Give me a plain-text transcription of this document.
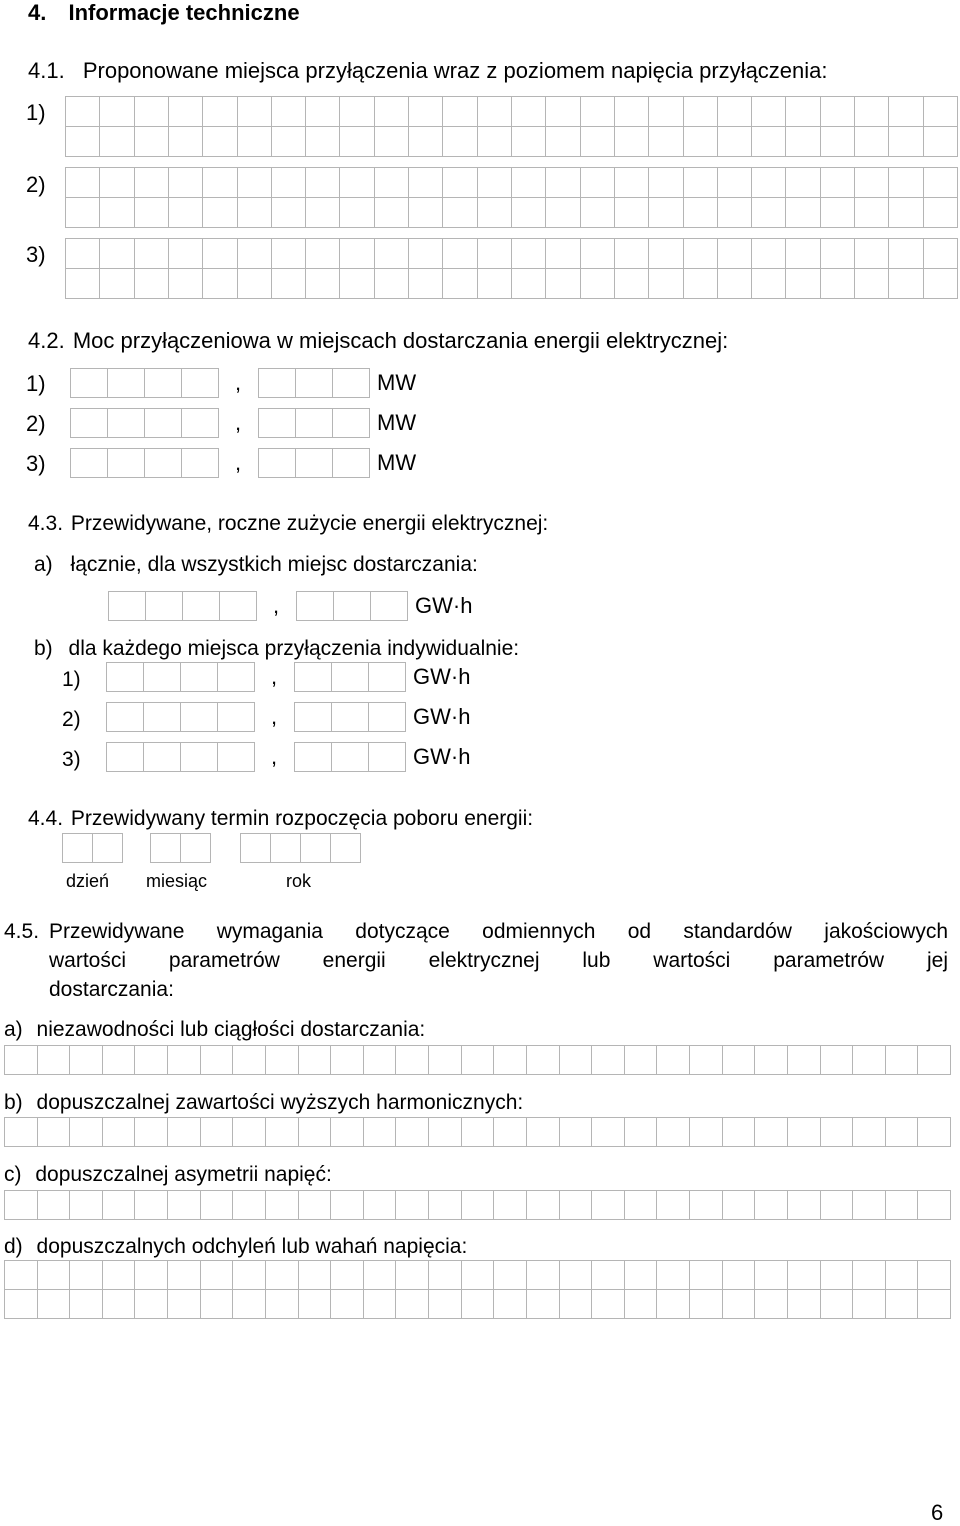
4. Informacje techniczne
4.1. Proponowane miejsca przyłączenia wraz z poziomem napięcia przyłączenia:
1)
2)
3)
4.2. Moc przyłączeniowa w miejscach dostarczania energii elektrycznej:
1)	,	MW
2)	,	MW
3)	,	MW
4.3. Przewidywane, roczne zużycie energii elektrycznej:
a) łącznie, dla wszystkich miejsc dostarczania:
,	GW·h
b) dla każdego miejsca przyłączenia indywidualnie:
1)	,	GW·h
2)	,	GW·h
3)	,	GW·h
4.4. Przewidywany termin rozpoczęcia poboru energii:
dzień miesiąc	rok
4.5. Przewidywane wymagania dotyczące odmiennych od standardów jakościowych
wartości parametrów energii elektrycznej lub wartości parametrów jej
dostarczania:
a) niezawodności lub ciągłości dostarczania:
b) dopuszczalnej zawartości wyższych harmonicznych:
c) dopuszczalnej asymetrii napięć:
d) dopuszczalnych odchyleń lub wahań napięcia:
6
